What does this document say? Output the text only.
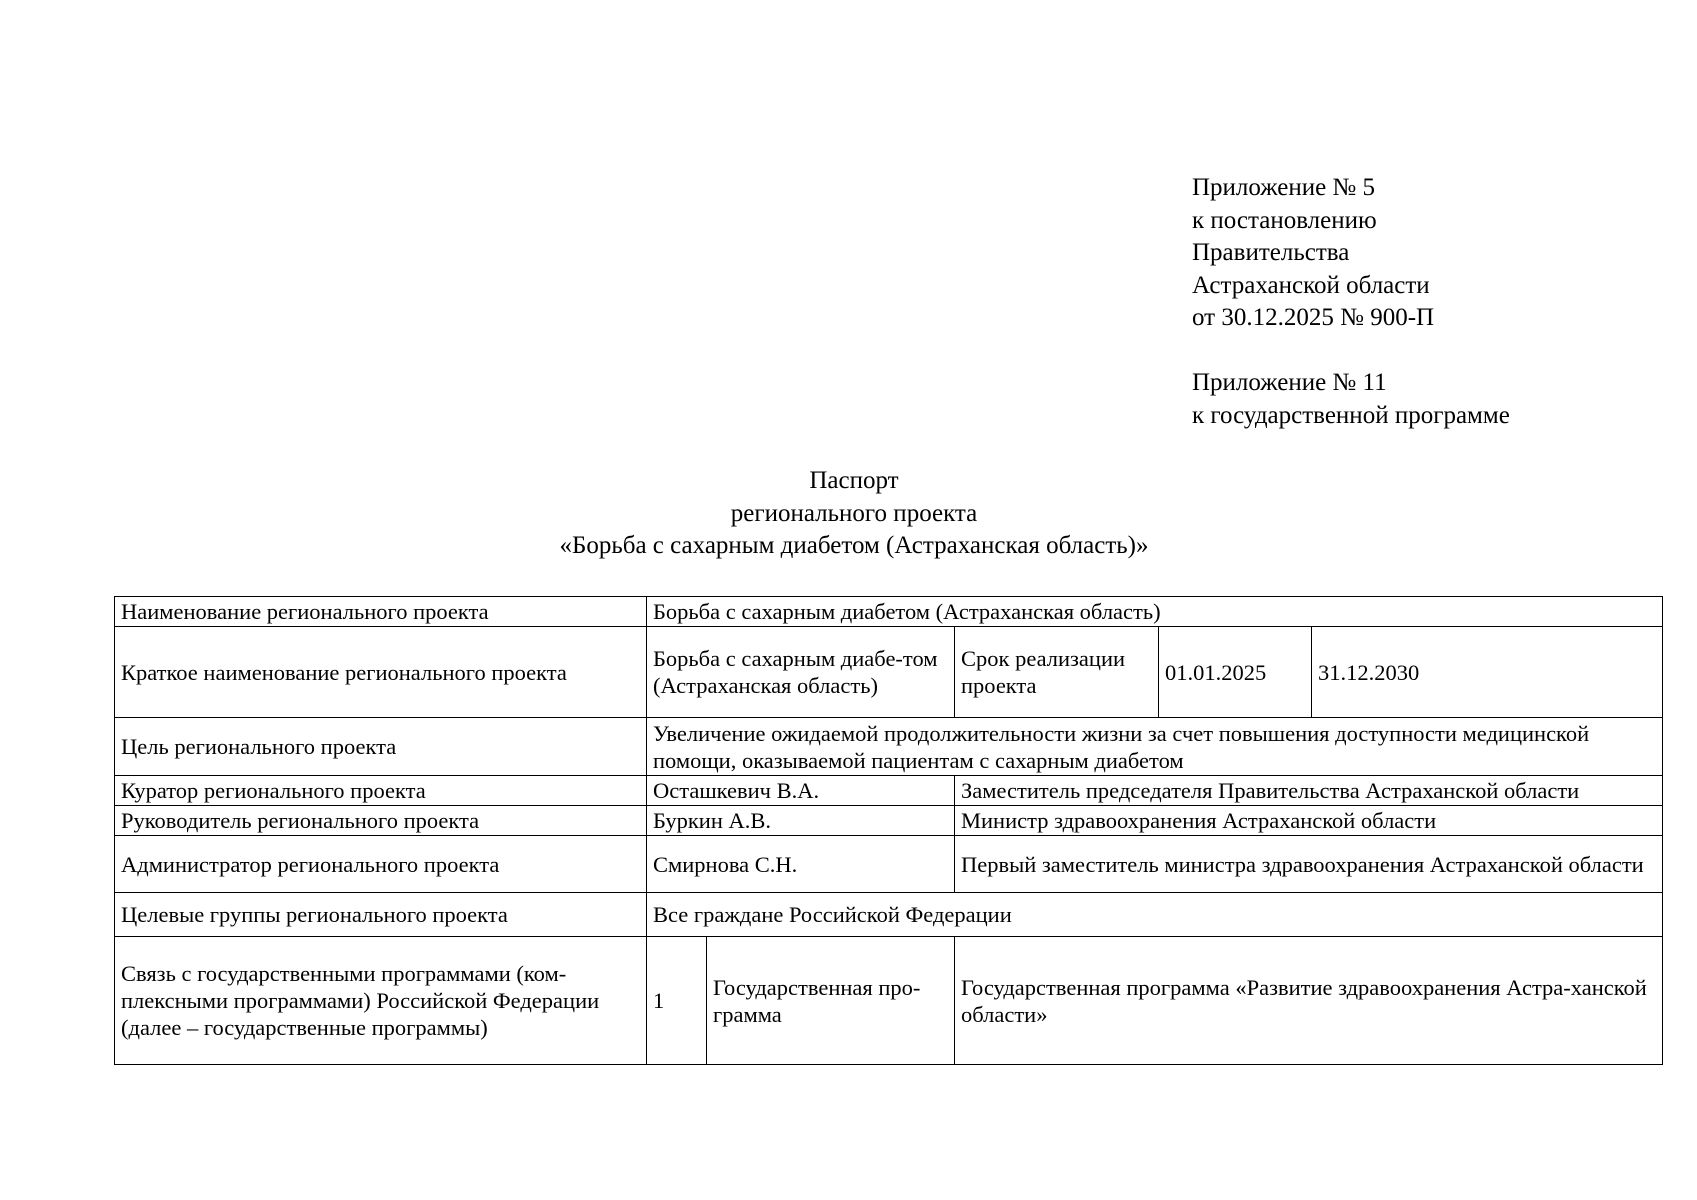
Приложение № 5
к постановлению
Правительства
Астраханской области
от 30.12.2025 № 900-П
Приложение № 11
к государственной программе
Паспорт
регионального проекта
«Борьба с сахарным диабетом (Астраханская область)»
Наименование регионального проекта	Борьба с сахарным диабетом (Астраханская область)				
Краткое наименование регионального проекта	Борьба с сахарным диабе-том (Астраханская область)		Срок реализации проекта	01.01.2025	31.12.2030
Цель регионального проекта	Увеличение ожидаемой продолжительности жизни за счет повышения доступности медицинской помощи, оказываемой пациентам с сахарным диабетом				
Куратор регионального проекта	Осташкевич В.А.		Заместитель председателя Правительства Астраханской области		
Руководитель регионального проекта	Буркин А.В.		Министр здравоохранения Астраханской области		
Администратор регионального проекта	Смирнова С.Н.		Первый заместитель министра здравоохранения Астраханской области		
Целевые группы регионального проекта	Все граждане Российской Федерации				
Связь с государственными программами (ком-плексными программами) Российской Федерации (далее – государственные программы)	1	Государственная про-грамма	Государственная программа «Развитие здравоохранения Астра-ханской области»		
